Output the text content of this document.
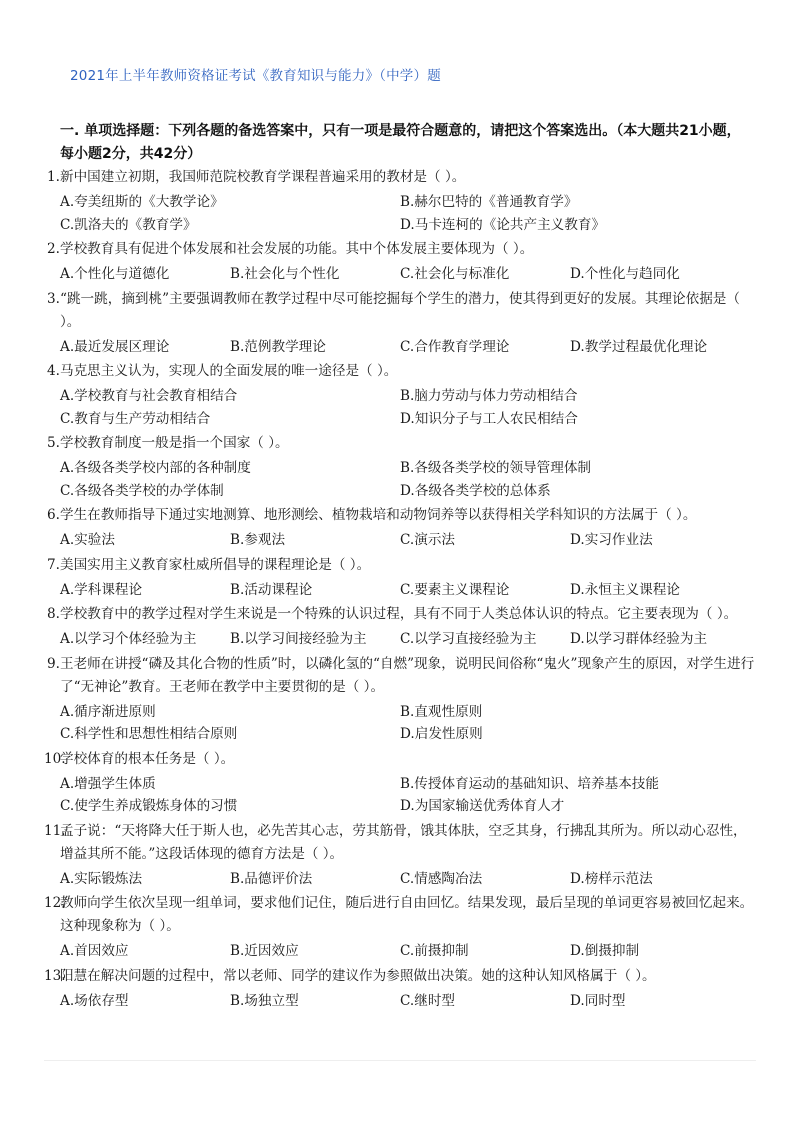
2021年上半年教师资格证考试《教育知识与能力》（中学）题
一. 单项选择题：下列各题的备选答案中，只有一项是最符合题意的，请把这个答案选出。（本大题共21小题，每小题2分，共42分）
1. 新中国建立初期，我国师范院校教育学课程普遍采用的教材是（ ）。
A.夸美纽斯的《大教学论》	B.赫尔巴特的《普通教育学》
C.凯洛夫的《教育学》	D.马卡连柯的《论共产主义教育》
2. 学校教育具有促进个体发展和社会发展的功能。其中个体发展主要体现为（ ）。
A.个性化与道德化	B.社会化与个性化	C.社会化与标准化	D.个性化与趋同化
3. “跳一跳，摘到桃”主要强调教师在教学过程中尽可能挖掘每个学生的潜力，使其得到更好的发展。其理论依据是（ ）。
A.最近发展区理论	B.范例教学理论	C.合作教育学理论	D.教学过程最优化理论
4. 马克思主义认为，实现人的全面发展的唯一途径是（ ）。
A.学校教育与社会教育相结合	B.脑力劳动与体力劳动相结合
C.教育与生产劳动相结合	D.知识分子与工人农民相结合
5. 学校教育制度一般是指一个国家（ ）。
A.各级各类学校内部的各种制度	B.各级各类学校的领导管理体制
C.各级各类学校的办学体制	D.各级各类学校的总体系
6. 学生在教师指导下通过实地测算、地形测绘、植物栽培和动物饲养等以获得相关学科知识的方法属于（ ）。
A.实验法	B.参观法	C.演示法	D.实习作业法
7. 美国实用主义教育家杜威所倡导的课程理论是（ ）。
A.学科课程论	B.活动课程论	C.要素主义课程论	D.永恒主义课程论
8. 学校教育中的教学过程对学生来说是一个特殊的认识过程，具有不同于人类总体认识的特点。它主要表现为（ ）。
A.以学习个体经验为主	B.以学习间接经验为主	C.以学习直接经验为主	D.以学习群体经验为主
9. 王老师在讲授“磷及其化合物的性质”时，以磷化氢的“自燃”现象，说明民间俗称“鬼火”现象产生的原因，对学生进行了“无神论”教育。王老师在教学中主要贯彻的是（ ）。
A.循序渐进原则	B.直观性原则
C.科学性和思想性相结合原则	D.启发性原则
10.
学校体育的根本任务是（ ）。
A.增强学生体质	B.传授体育运动的基础知识、培养基本技能
C.使学生养成锻炼身体的习惯	D.为国家输送优秀体育人才
11.
孟子说：“天将降大任于斯人也，必先苦其心志，劳其筋骨，饿其体肤，空乏其身，行拂乱其所为。所以动心忍性，增益其所不能。”这段话体现的德育方法是（ ）。
A.实际锻炼法	B.品德评价法	C.情感陶冶法	D.榜样示范法
12.
教师向学生依次呈现一组单词，要求他们记住，随后进行自由回忆。结果发现，最后呈现的单词更容易被回忆起来。这种现象称为（ ）。
A.首因效应	B.近因效应	C.前摄抑制	D.倒摄抑制
13.
阳慧在解决问题的过程中，常以老师、同学的建议作为参照做出决策。她的这种认知风格属于（ ）。
A.场依存型	B.场独立型	C.继时型	D.同时型
